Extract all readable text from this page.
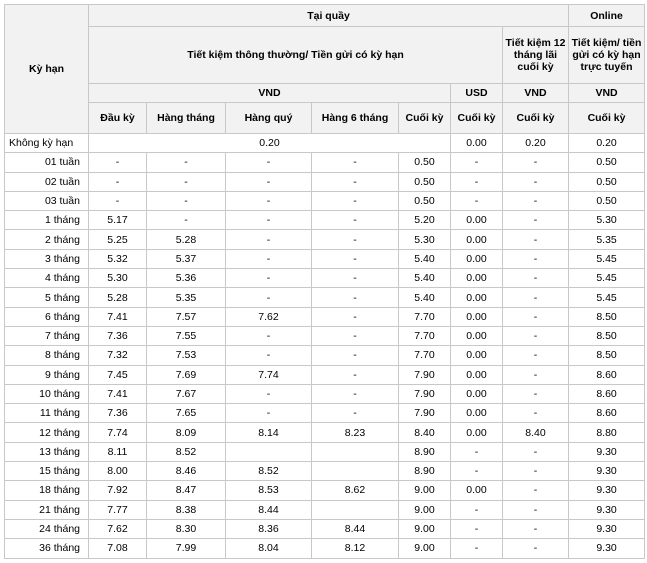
Kỳ hạn	Tại quầy							Online
	Tiết kiệm thông thường/ Tiền gửi có kỳ hạn						Tiết kiệm 12 tháng lãi cuối kỳ	Tiết kiệm/ tiền gửi có kỳ hạn trực tuyến
	VND					USD	VND	VND
	Đầu kỳ	Hàng tháng	Hàng quý	Hàng 6 tháng	Cuối kỳ	Cuối kỳ	Cuối kỳ	Cuối kỳ
Không kỳ hạn	0.20					0.00	0.20	0.20
01 tuần	-	-	-	-	0.50	-	-	0.50
02 tuần	-	-	-	-	0.50	-	-	0.50
03 tuần	-	-	-	-	0.50	-	-	0.50
1 tháng	5.17	-	-	-	5.20	0.00	-	5.30
2 tháng	5.25	5.28	-	-	5.30	0.00	-	5.35
3 tháng	5.32	5.37	-	-	5.40	0.00	-	5.45
4 tháng	5.30	5.36	-	-	5.40	0.00	-	5.45
5 tháng	5.28	5.35	-	-	5.40	0.00	-	5.45
6 tháng	7.41	7.57	7.62	-	7.70	0.00	-	8.50
7 tháng	7.36	7.55	-	-	7.70	0.00	-	8.50
8 tháng	7.32	7.53	-	-	7.70	0.00	-	8.50
9 tháng	7.45	7.69	7.74	-	7.90	0.00	-	8.60
10 tháng	7.41	7.67	-	-	7.90	0.00	-	8.60
11 tháng	7.36	7.65	-	-	7.90	0.00	-	8.60
12 tháng	7.74	8.09	8.14	8.23	8.40	0.00	8.40	8.80
13 tháng	8.11	8.52			8.90	-	-	9.30
15 tháng	8.00	8.46	8.52		8.90	-	-	9.30
18 tháng	7.92	8.47	8.53	8.62	9.00	0.00	-	9.30
21 tháng	7.77	8.38	8.44		9.00	-	-	9.30
24 tháng	7.62	8.30	8.36	8.44	9.00	-	-	9.30
36 tháng	7.08	7.99	8.04	8.12	9.00	-	-	9.30
